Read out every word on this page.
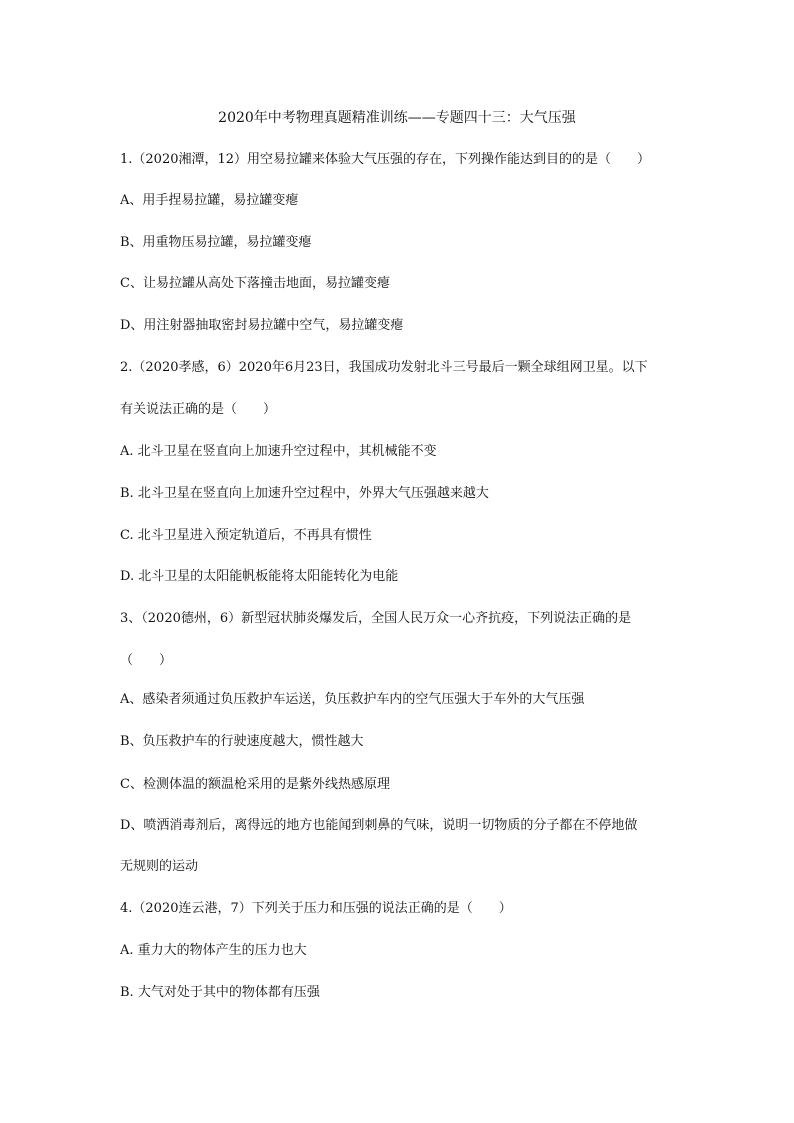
2020年中考物理真题精准训练——专题四十三：大气压强
1.（2020湘潭，12）用空易拉罐来体验大气压强的存在，下列操作能达到目的的是（　　）
A、用手捏易拉罐，易拉罐变瘪
B、用重物压易拉罐，易拉罐变瘪
C、让易拉罐从高处下落撞击地面，易拉罐变瘪
D、用注射器抽取密封易拉罐中空气，易拉罐变瘪
2.（2020孝感，6）2020年6月23日，我国成功发射北斗三号最后一颗全球组网卫星。以下
有关说法正确的是（　　）
A. 北斗卫星在竖直向上加速升空过程中，其机械能不变
B. 北斗卫星在竖直向上加速升空过程中，外界大气压强越来越大
C. 北斗卫星进入预定轨道后，不再具有惯性
D. 北斗卫星的太阳能帆板能将太阳能转化为电能
3、（2020德州，6）新型冠状肺炎爆发后，全国人民万众一心齐抗疫，下列说法正确的是
（　　）
A、感染者须通过负压救护车运送，负压救护车内的空气压强大于车外的大气压强
B、负压救护车的行驶速度越大，惯性越大
C、检测体温的额温枪采用的是紫外线热感原理
D、喷洒消毒剂后，离得远的地方也能闻到刺鼻的气味，说明一切物质的分子都在不停地做
无规则的运动
4.（2020连云港，7）下列关于压力和压强的说法正确的是（　　）
A. 重力大的物体产生的压力也大
B. 大气对处于其中的物体都有压强
